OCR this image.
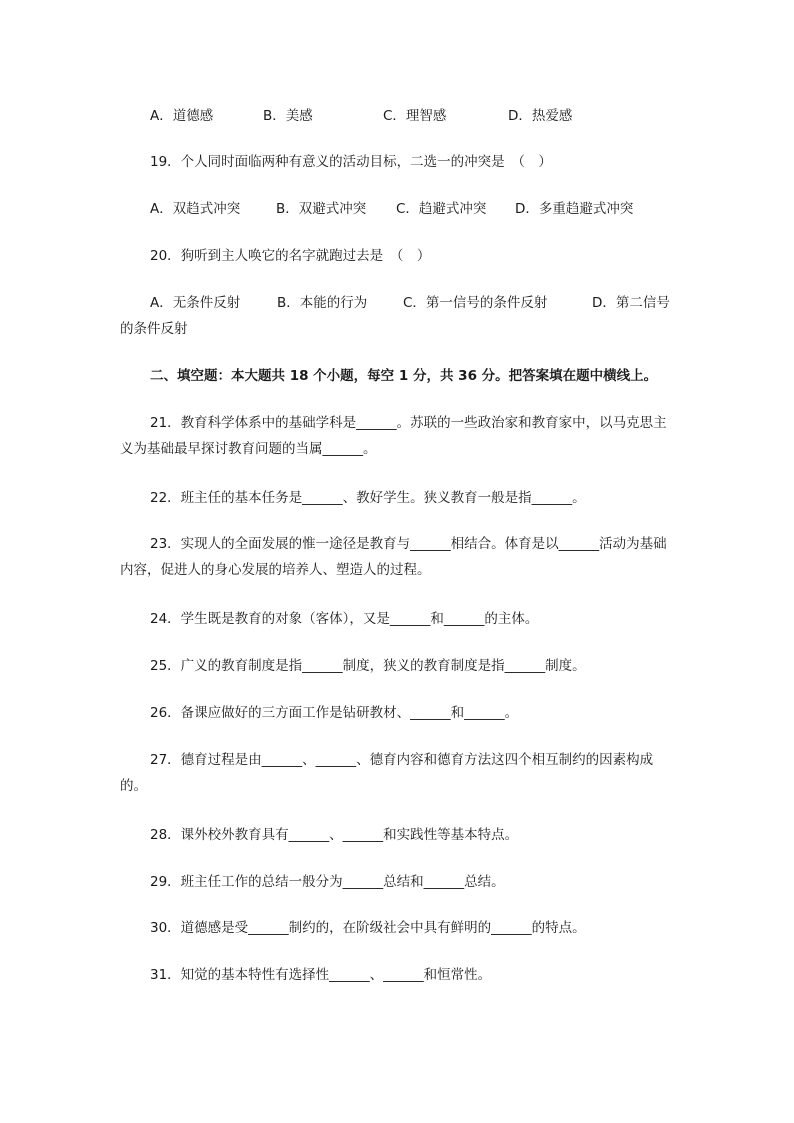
A．道德感	B．美感	C．理智感	D．热爱感
19．个人同时面临两种有意义的活动目标，二选一的冲突是　（　）
A．双趋式冲突	B．双避式冲突 C．趋避式冲突 D．多重趋避式冲突
20．狗听到主人唤它的名字就跑过去是　（　）
A．无条件反射	B．本能的行为	C．第一信号的条件反射	D．第二信号
的条件反射
二、填空题：本大题共 18 个小题，每空 1 分，共 36 分。把答案填在题中横线上。
21．教育科学体系中的基础学科是______。苏联的一些政治家和教育家中，以马克思主义为基础最早探讨教育问题的当属______。
22．班主任的基本任务是______、教好学生。狭义教育一般是指______。
23．实现人的全面发展的惟一途径是教育与______相结合。体育是以______活动为基础内容，促进人的身心发展的培养人、塑造人的过程。
24．学生既是教育的对象（客体），又是______和______的主体。
25．广义的教育制度是指______制度，狭义的教育制度是指______制度。
26．备课应做好的三方面工作是钻研教材、______和______。
27．德育过程是由______、______、德育内容和德育方法这四个相互制约的因素构成的。
28．课外校外教育具有______、______和实践性等基本特点。
29．班主任工作的总结一般分为______总结和______总结。
30．道德感是受______制约的，在阶级社会中具有鲜明的______的特点。
31．知觉的基本特性有选择性______、______和恒常性。
